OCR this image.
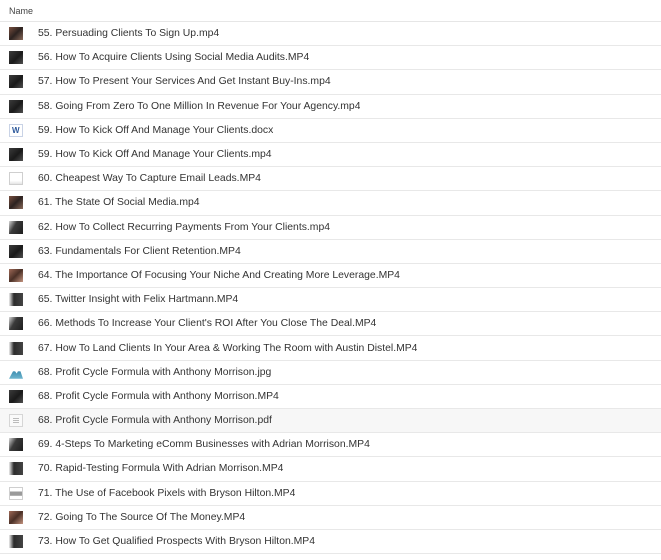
Name
55. Persuading Clients To Sign Up.mp4
56. How To Acquire Clients Using Social Media Audits.MP4
57. How To Present Your Services And Get Instant Buy-Ins.mp4
58. Going From Zero To One Million In Revenue For Your Agency.mp4
W 59. How To Kick Off And Manage Your Clients.docx
59. How To Kick Off And Manage Your Clients.mp4
60. Cheapest Way To Capture Email Leads.MP4
61. The State Of Social Media.mp4
62. How To Collect Recurring Payments From Your Clients.mp4
63. Fundamentals For Client Retention.MP4
64. The Importance Of Focusing Your Niche And Creating More Leverage.MP4
65. Twitter Insight with Felix Hartmann.MP4
66. Methods To Increase Your Client's ROI After You Close The Deal.MP4
67. How To Land Clients In Your Area & Working The Room with Austin Distel.MP4
68. Profit Cycle Formula with Anthony Morrison.jpg
68. Profit Cycle Formula with Anthony Morrison.MP4
68. Profit Cycle Formula with Anthony Morrison.pdf
69. 4-Steps To Marketing eComm Businesses with Adrian Morrison.MP4
70. Rapid-Testing Formula With Adrian Morrison.MP4
71. The Use of Facebook Pixels with Bryson Hilton.MP4
72. Going To The Source Of The Money.MP4
73. How To Get Qualified Prospects With Bryson Hilton.MP4
